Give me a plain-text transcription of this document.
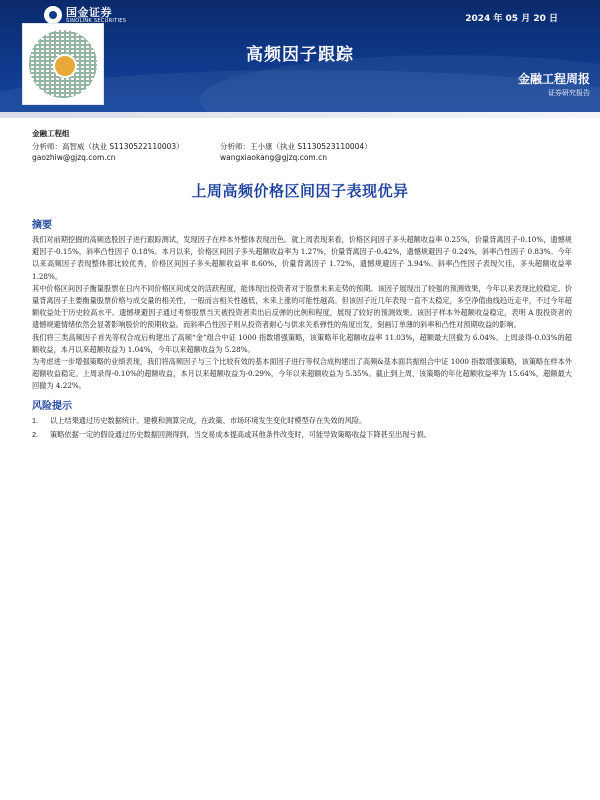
国金证券
SINOLINK SECURITIES	2024 年 05 月 20 日
高频因子跟踪
金融工程周报
证券研究报告
金融工程组
分析师：高智威（执业 S1130522110003）	分析师：王小康（执业 S1130523110004）
gaozhiw@gjzq.com.cn	wangxiaokang@gjzq.com.cn
上周高频价格区间因子表现优异
摘要

我们对前期挖掘的高频选股因子进行跟踪测试，发现因子在样本外整体表现出色。就上周表现来看，价格区间因子多头超额收益率 0.25%，价量背离因子-0.10%，遗憾规避因子-0.15%，斜率凸性因子 0.18%。本月以来，价格区间因子多头超额收益率为 1.27%，价量背离因子-0.42%，遗憾规避因子 0.24%，斜率凸性因子 0.83%。今年以来高频因子表现整体都比较优秀，价格区间因子多头超额收益率 8.60%，价量背离因子 1.72%，遗憾规避因子 3.94%。斜率凸性因子表现欠佳，多头超额收益率 1.28%。

其中价格区间因子衡量股票在日内不同价格区间成交的活跃程度，能体现出投资者对于股票未来走势的预期。该因子展现出了较强的预测效果，今年以来表现比较稳定。价量背离因子主要衡量股票价格与成交量的相关性，一般而言相关性越低，未来上涨的可能性越高。但该因子近几年表现一直不太稳定，多空净值曲线趋近走平，不过今年超额收益处于历史较高水平。遗憾规避因子通过考察股票当天被投资者卖出后反弹的比例和程度，展现了较好的预测效果。该因子样本外超额收益稳定，表明 A 股投资者的遗憾规避情绪依然会显著影响股价的预期收益。而斜率凸性因子则从投资者耐心与供求关系弹性的角度出发，刻画订单薄的斜率和凸性对预期收益的影响。

我们将三类高频因子首先等权合成后构建出了高频“金”组合中证 1000 指数增强策略，该策略年化超额收益率 11.03%，超额最大回撤为 6.04%。上周录得-0.03%的超额收益，本月以来超额收益为 1.04%，今年以来超额收益为 5.28%。

为考虑进一步增强策略的业绩表现，我们将高频因子与三个比较有效的基本面因子进行等权合成构建出了高频&基本面共振组合中证 1000 指数增强策略，该策略在样本外超额收益稳定。上周录得-0.10%的超额收益，本月以来超额收益为-0.29%，今年以来超额收益为 5.35%。截止到上周，该策略的年化超额收益率为 15.64%，超额最大回撤为 4.22%。

风险提示
1.	以上结果通过历史数据统计、建模和测算完成，在政策、市场环境发生变化时模型存在失效的风险。
2.	策略依据一定的假设通过历史数据回测得到，当交易成本提高或其他条件改变时，可能导致策略收益下降甚至出现亏损。
